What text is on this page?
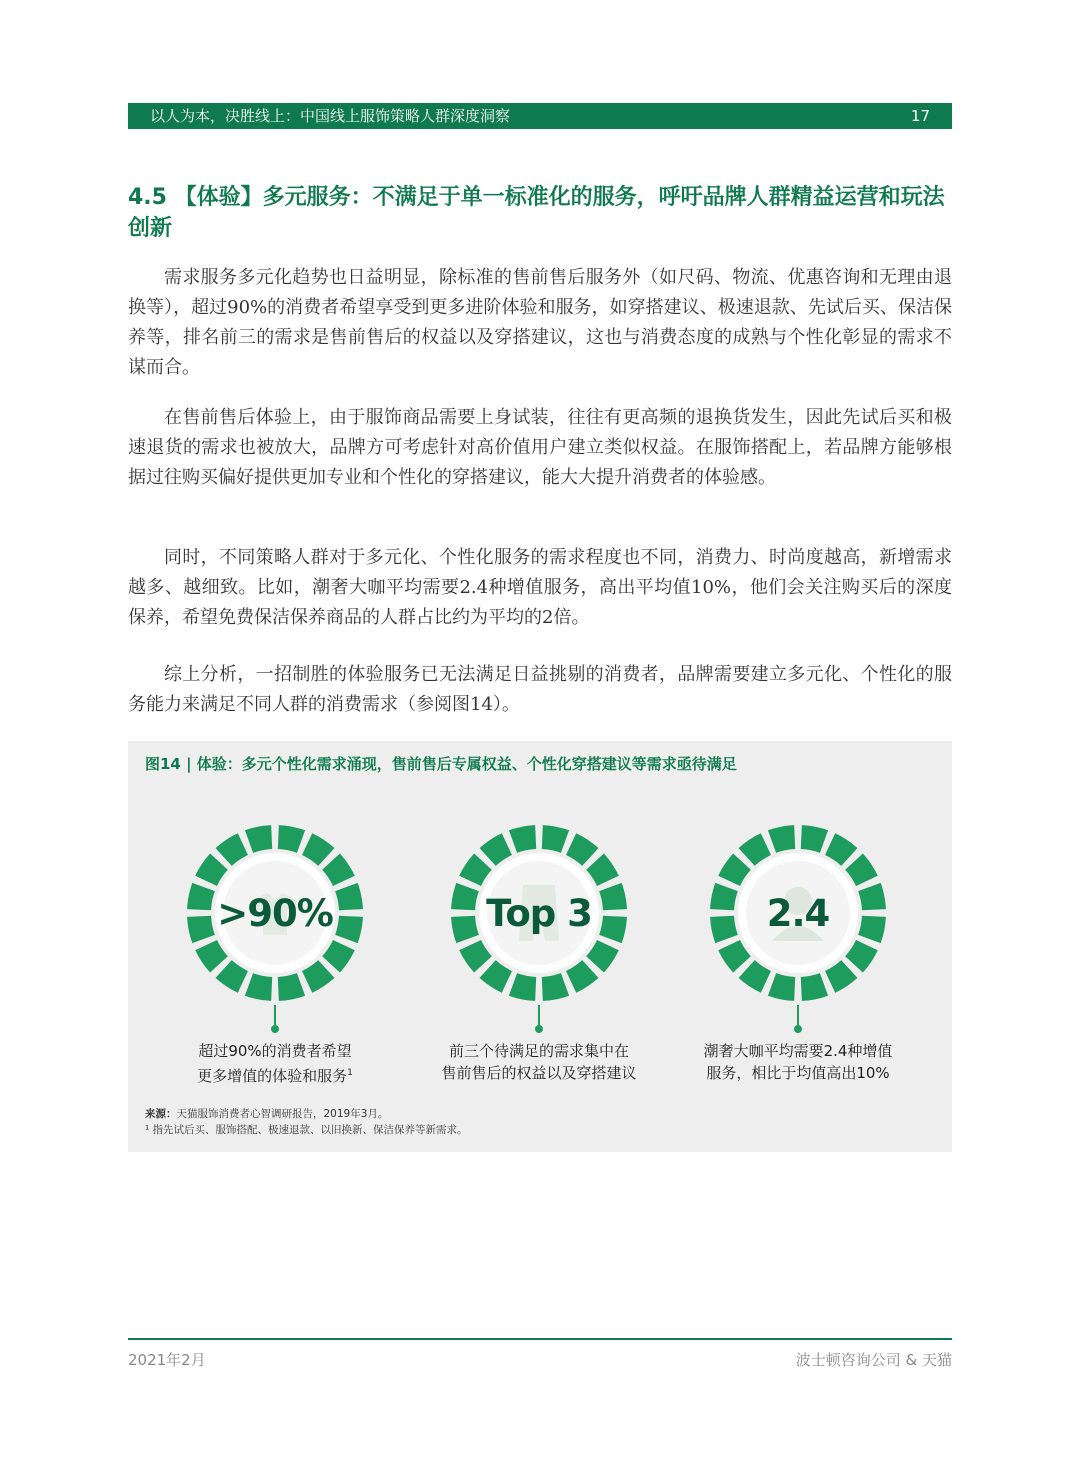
以人为本，决胜线上：中国线上服饰策略人群深度洞察	17
4.5 【体验】多元服务：不满足于单一标准化的服务，呼吁品牌人群精益运营和玩法创新
需求服务多元化趋势也日益明显，除标准的售前售后服务外（如尺码、物流、优惠咨询和无理由退换等），超过90%的消费者希望享受到更多进阶体验和服务，如穿搭建议、极速退款、先试后买、保洁保养等，排名前三的需求是售前售后的权益以及穿搭建议，这也与消费态度的成熟与个性化彰显的需求不谋而合。
在售前售后体验上，由于服饰商品需要上身试装，往往有更高频的退换货发生，因此先试后买和极速退货的需求也被放大，品牌方可考虑针对高价值用户建立类似权益。在服饰搭配上，若品牌方能够根据过往购买偏好提供更加专业和个性化的穿搭建议，能大大提升消费者的体验感。
同时，不同策略人群对于多元化、个性化服务的需求程度也不同，消费力、时尚度越高，新增需求越多、越细致。比如，潮奢大咖平均需要2.4种增值服务，高出平均值10%，他们会关注购买后的深度保养，希望免费保洁保养商品的人群占比约为平均的2倍。
综上分析，一招制胜的体验服务已无法满足日益挑剔的消费者，品牌需要建立多元化、个性化的服务能力来满足不同人群的消费需求（参阅图14）。
图14 | 体验：多元个性化需求涌现，售前售后专属权益、个性化穿搭建议等需求亟待满足
>90%
超过90%的消费者希望
更多增值的体验和服务$^1$
Top 3
前三个待满足的需求集中在
售前售后的权益以及穿搭建议
2.4
潮奢大咖平均需要2.4种增值
服务，相比于均值高出10%
来源：天猫服饰消费者心智调研报告，2019年3月。
¹ 指先试后买、服饰搭配、极速退款、以旧换新、保洁保养等新需求。
2021年2月	波士顿咨询公司 & 天猫
